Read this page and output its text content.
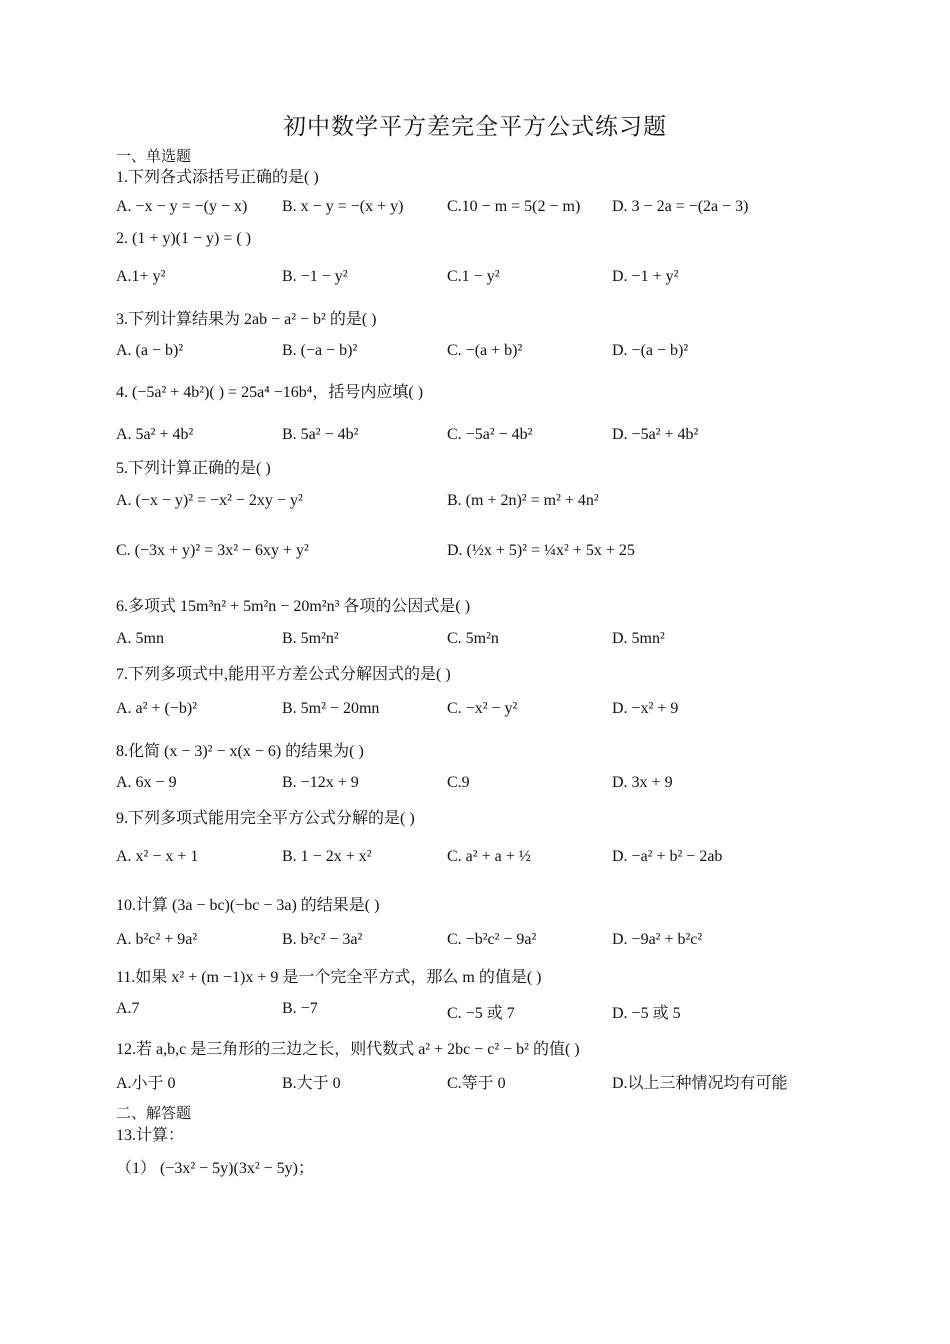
初中数学平方差完全平方公式练习题
一、单选题
1.下列各式添括号正确的是( )
A. −x − y = −(y − x) B. x − y = −(x + y)	C.10 − m = 5(2 − m) D. 3 − 2a = −(2a − 3)
2. (1 + y)(1 − y) = ( )
A.1+ y²	B. −1 − y²	C.1 − y²	D. −1 + y²
3.下列计算结果为 2ab − a² − b² 的是( )
A. (a − b)²	B. (−a − b)²	C. −(a + b)²	D. −(a − b)²
4. (−5a² + 4b²)( ) = 25a⁴ −16b⁴，括号内应填( )
A. 5a² + 4b²	B. 5a² − 4b²	C. −5a² − 4b²	D. −5a² + 4b²
5.下列计算正确的是( )
A. (−x − y)² = −x² − 2xy − y²	B. (m + 2n)² = m² + 4n²
C. (−3x + y)² = 3x² − 6xy + y²	D. (½x + 5)² = ¼x² + 5x + 25
6.多项式 15m³n² + 5m²n − 20m²n³ 各项的公因式是( )
A. 5mn	B. 5m²n²	C. 5m²n	D. 5mn²
7.下列多项式中,能用平方差公式分解因式的是( )
A. a² + (−b)²	B. 5m² − 20mn	C. −x² − y²	D. −x² + 9
8.化简 (x − 3)² − x(x − 6) 的结果为( )
A. 6x − 9	B. −12x + 9	C.9	D. 3x + 9
9.下列多项式能用完全平方公式分解的是( )
A. x² − x + 1	B. 1 − 2x + x²	C. a² + a + ½	D. −a² + b² − 2ab
10.计算 (3a − bc)(−bc − 3a) 的结果是( )
A. b²c² + 9a²	B. b²c² − 3a²	C. −b²c² − 9a²	D. −9a² + b²c²
11.如果 x² + (m −1)x + 9 是一个完全平方式，那么 m 的值是( )
A.7	B. −7	C. −5 或 7	D. −5 或 5
12.若 a,b,c 是三角形的三边之长，则代数式 a² + 2bc − c² − b² 的值( )
A.小于 0	B.大于 0	C.等于 0	D.以上三种情况均有可能
二、解答题
13.计算：
（1） (−3x² − 5y)(3x² − 5y)；
